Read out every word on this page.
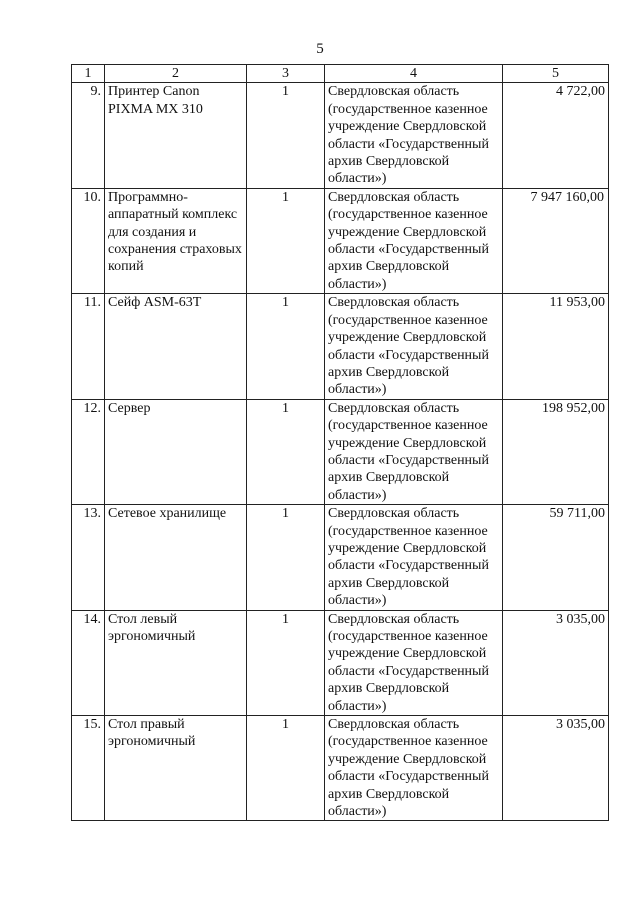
5
1	2	3	4	5
9.	Принтер Canon PIXMA MX 310	1	Свердловская область (государственное казенное учреждение Свердловской области «Государственный архив Свердловской области»)	4 722,00
10.	Программно-аппаратный комплекс для создания и сохранения страховых копий	1	Свердловская область (государственное казенное учреждение Свердловской области «Государственный архив Свердловской области»)	7 947 160,00
11.	Сейф ASM-63T	1	Свердловская область (государственное казенное учреждение Свердловской области «Государственный архив Свердловской области»)	11 953,00
12.	Сервер	1	Свердловская область (государственное казенное учреждение Свердловской области «Государственный архив Свердловской области»)	198 952,00
13.	Сетевое хранилище	1	Свердловская область (государственное казенное учреждение Свердловской области «Государственный архив Свердловской области»)	59 711,00
14.	Стол левый эргономичный	1	Свердловская область (государственное казенное учреждение Свердловской области «Государственный архив Свердловской области»)	3 035,00
15.	Стол правый эргономичный	1	Свердловская область (государственное казенное учреждение Свердловской области «Государственный архив Свердловской области»)	3 035,00
